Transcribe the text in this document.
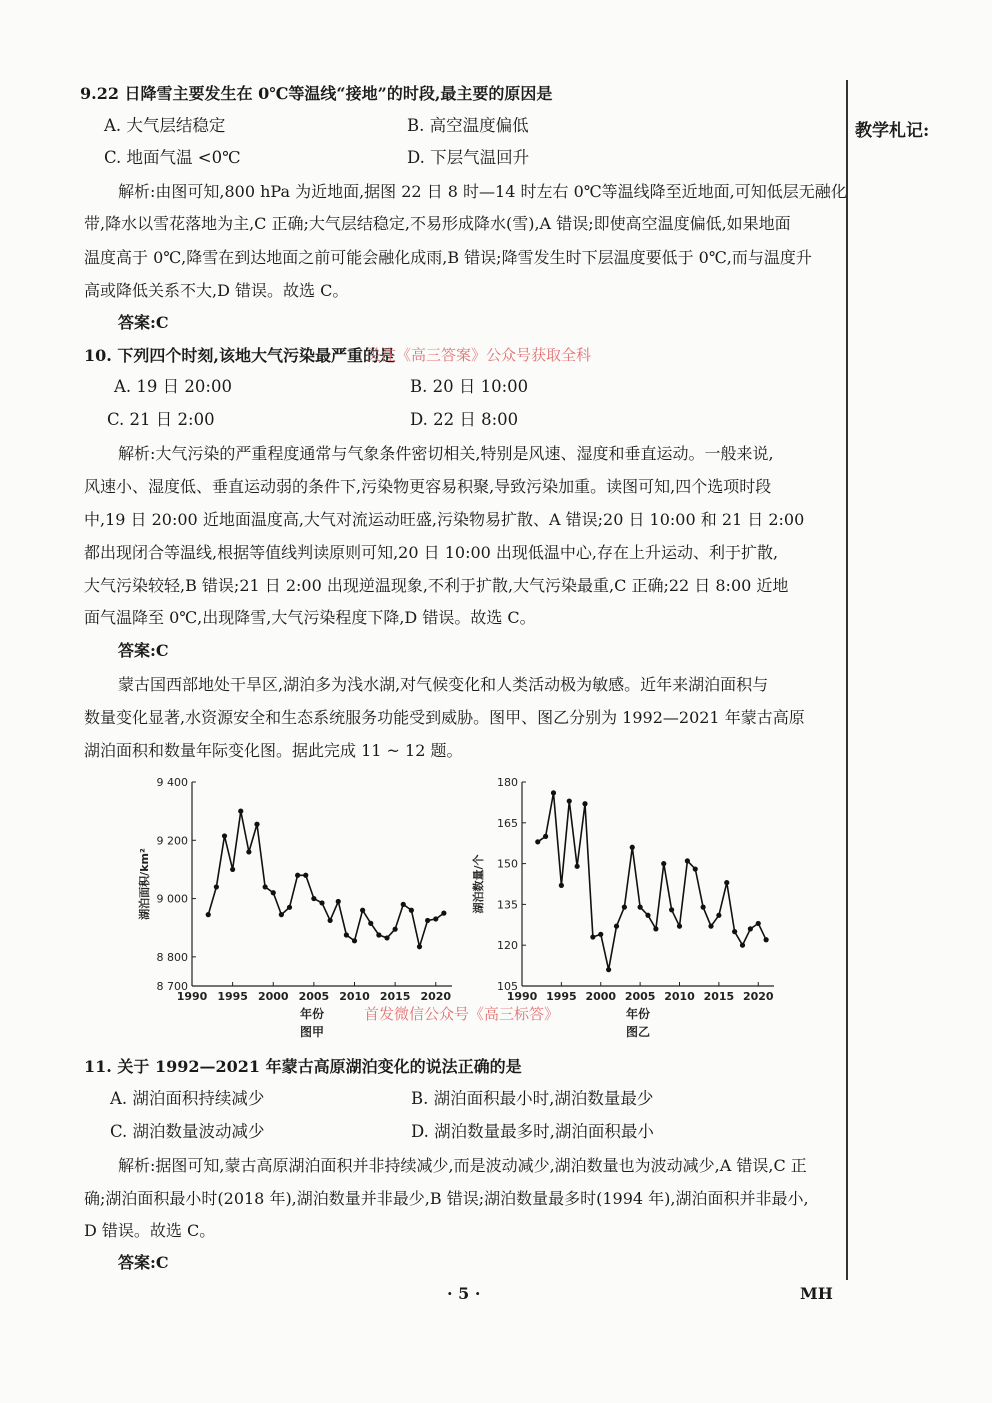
教学札记:
9.22 日降雪主要发生在 0℃等温线“接地”的时段,最主要的原因是
A. 大气层结稳定	B. 高空温度偏低
C. 地面气温 <0℃	D. 下层气温回升
解析:由图可知,800 hPa 为近地面,据图 22 日 8 时—14 时左右 0℃等温线降至近地面,可知低层无融化
带,降水以雪花落地为主,C 正确;大气层结稳定,不易形成降水(雪),A 错误;即使高空温度偏低,如果地面
温度高于 0℃,降雪在到达地面之前可能会融化成雨,B 错误;降雪发生时下层温度要低于 0℃,而与温度升
高或降低关系不大,D 错误。故选 C。
答案:C
10. 下列四个时刻,该地大气污染最严重的是
关注《高三答案》公众号获取全科
A. 19 日 20:00	B. 20 日 10:00
C. 21 日 2:00	D. 22 日 8:00
解析:大气污染的严重程度通常与气象条件密切相关,特别是风速、湿度和垂直运动。一般来说,
风速小、湿度低、垂直运动弱的条件下,污染物更容易积聚,导致污染加重。读图可知,四个选项时段
中,19 日 20:00 近地面温度高,大气对流运动旺盛,污染物易扩散、A 错误;20 日 10:00 和 21 日 2:00
都出现闭合等温线,根据等值线判读原则可知,20 日 10:00 出现低温中心,存在上升运动、利于扩散,
大气污染较轻,B 错误;21 日 2:00 出现逆温现象,不利于扩散,大气污染最重,C 正确;22 日 8:00 近地
面气温降至 0℃,出现降雪,大气污染程度下降,D 错误。故选 C。
答案:C
蒙古国西部地处干旱区,湖泊多为浅水湖,对气候变化和人类活动极为敏感。近年来湖泊面积与
数量变化显著,水资源安全和生态系统服务功能受到威胁。图甲、图乙分别为 1992—2021 年蒙古高原
湖泊面积和数量年际变化图。据此完成 11 ~ 12 题。
8 700
8 800
9 000
9 200
9 400
1990 1995 2000 2005 2010 2015 2020
年份
图甲
湖泊面积/km²
105
120
135
150
165
180
1990 1995 2000 2005 2010 2015 2020
年份
图乙
湖泊数量/个
首发微信公众号《高三标答》
11. 关于 1992—2021 年蒙古高原湖泊变化的说法正确的是
A. 湖泊面积持续减少	B. 湖泊面积最小时,湖泊数量最少
C. 湖泊数量波动减少	D. 湖泊数量最多时,湖泊面积最小
解析:据图可知,蒙古高原湖泊面积并非持续减少,而是波动减少,湖泊数量也为波动减少,A 错误,C 正
确;湖泊面积最小时(2018 年),湖泊数量并非最少,B 错误;湖泊数量最多时(1994 年),湖泊面积并非最小,
D 错误。故选 C。
答案:C
· 5 ·	MH
